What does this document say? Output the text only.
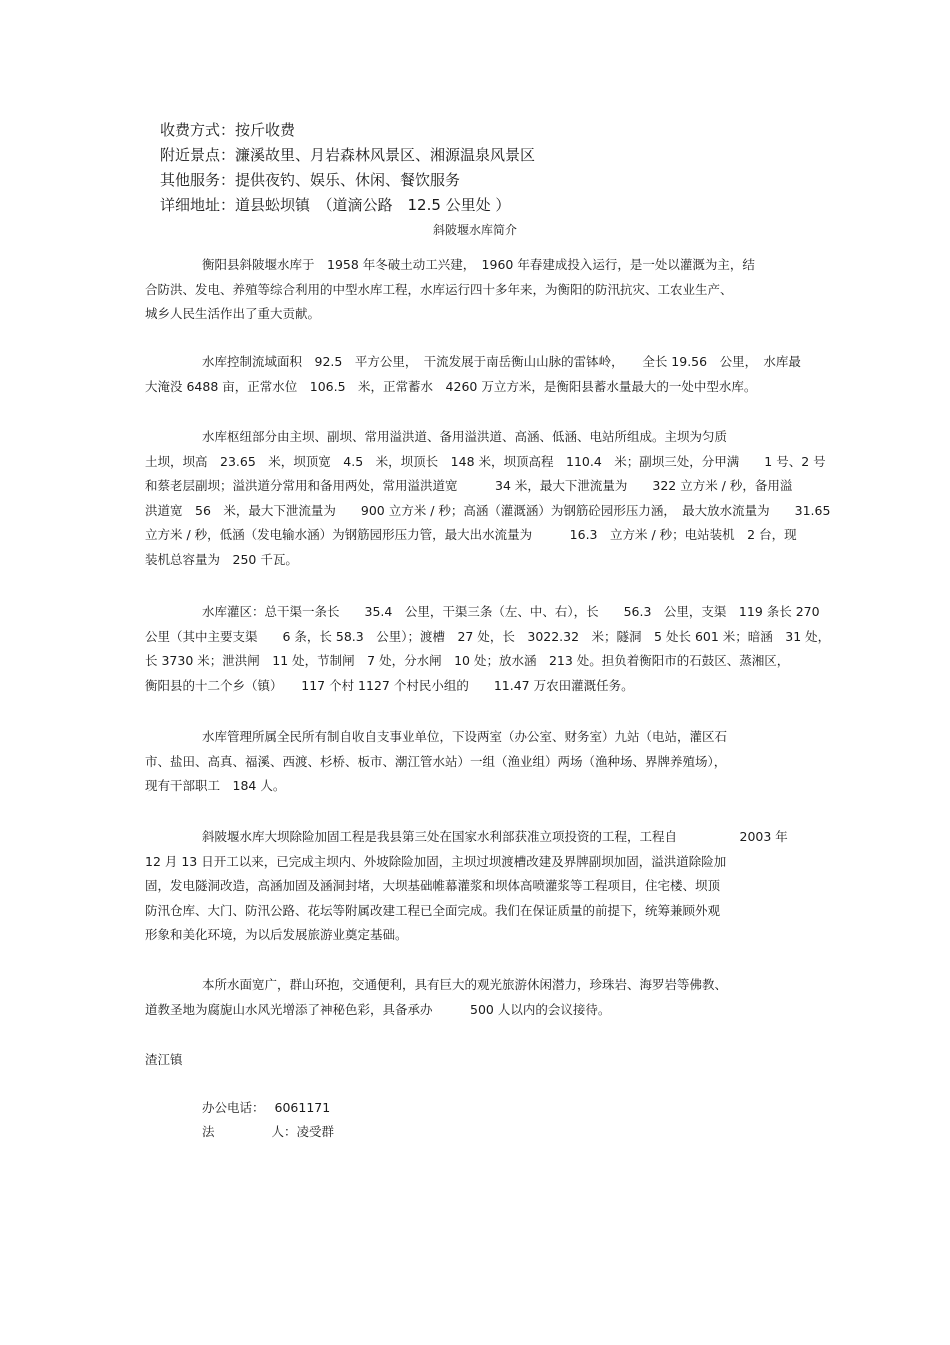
收费方式：按斤收费
附近景点：濂溪故里、月岩森林风景区、湘源温泉风景区
其他服务：提供夜钓、娱乐、休闲、餐饮服务
详细地址：道县蚣坝镇　（道滴公路　12.5 公里处 ）
斜陂堰水库简介
衡阳县斜陂堰水库于　1958 年冬破土动工兴建，　1960 年春建成投入运行，是一处以灌溉为主，结
合防洪、发电、养殖等综合利用的中型水库工程，水库运行四十多年来，为衡阳的防汛抗灾、工农业生产、
城乡人民生活作出了重大贡献。
水库控制流域面积　92.5　平方公里，　干流发展于南岳衡山山脉的雷钵岭，　　全长 19.56　公里，　水库最
大淹没 6488 亩，正常水位　106.5　米，正常蓄水　4260 万立方米，是衡阳县蓄水量最大的一处中型水库。
水库枢纽部分由主坝、副坝、常用溢洪道、备用溢洪道、高涵、低涵、电站所组成。主坝为匀质
土坝，坝高　23.65　米，坝顶宽　4.5　米，坝顶长　148 米，坝顶高程　110.4　米；副坝三处，分甲满　　1 号、2 号
和蔡老层副坝；溢洪道分常用和备用两处，常用溢洪道宽　　　34 米，最大下泄流量为　　322 立方米 / 秒，备用溢
洪道宽　56　米，最大下泄流量为　　900 立方米 / 秒；高涵（灌溉涵）为钢筋砼园形压力涵，　最大放水流量为　　31.65
立方米 / 秒，低涵（发电输水涵）为钢筋园形压力管，最大出水流量为　　　16.3　立方米 / 秒；电站装机　2 台，现
装机总容量为　250 千瓦。
水库灌区：总干渠一条长　　35.4　公里，干渠三条（左、中、右），长　　56.3　公里，支渠　119 条长 270
公里（其中主要支渠　　6 条，长 58.3　公里）；渡槽　27 处，长　3022.32　米；隧洞　5 处长 601 米；暗涵　31 处，
长 3730 米；泄洪闸　11 处，节制闸　7 处，分水闸　10 处；放水涵　213 处。担负着衡阳市的石鼓区、蒸湘区，
衡阳县的十二个乡（镇）　　117 个村 1127 个村民小组的　　11.47 万农田灌溉任务。
水库管理所属全民所有制自收自支事业单位，下设两室（办公室、财务室）九站（电站，灌区石
市、盐田、高真、福溪、西渡、杉桥、板市、潮江管水站）一组（渔业组）两场（渔种场、界牌养殖场），
现有干部职工　184 人。
斜陂堰水库大坝除险加固工程是我县第三处在国家水利部获准立项投资的工程，工程自　　　　　2003 年
12 月 13 日开工以来，已完成主坝内、外坡除险加固，主坝过坝渡槽改建及界牌副坝加固，溢洪道除险加
固，发电隧洞改造，高涵加固及涵洞封堵，大坝基础帷幕灌浆和坝体高喷灌浆等工程项目，住宅楼、坝顶
防汛仓库、大门、防汛公路、花坛等附属改建工程已全面完成。我们在保证质量的前提下，统筹兼顾外观
形象和美化环境，为以后发展旅游业奠定基础。
本所水面宽广，群山环抱，交通便利，具有巨大的观光旅游休闲潜力，珍珠岩、海罗岩等佛教、
道教圣地为腐旎山水风光增添了神秘色彩，具备承办　　　500 人以内的会议接待。
渣江镇
办公电话： 6061171
法	人：凌受群
